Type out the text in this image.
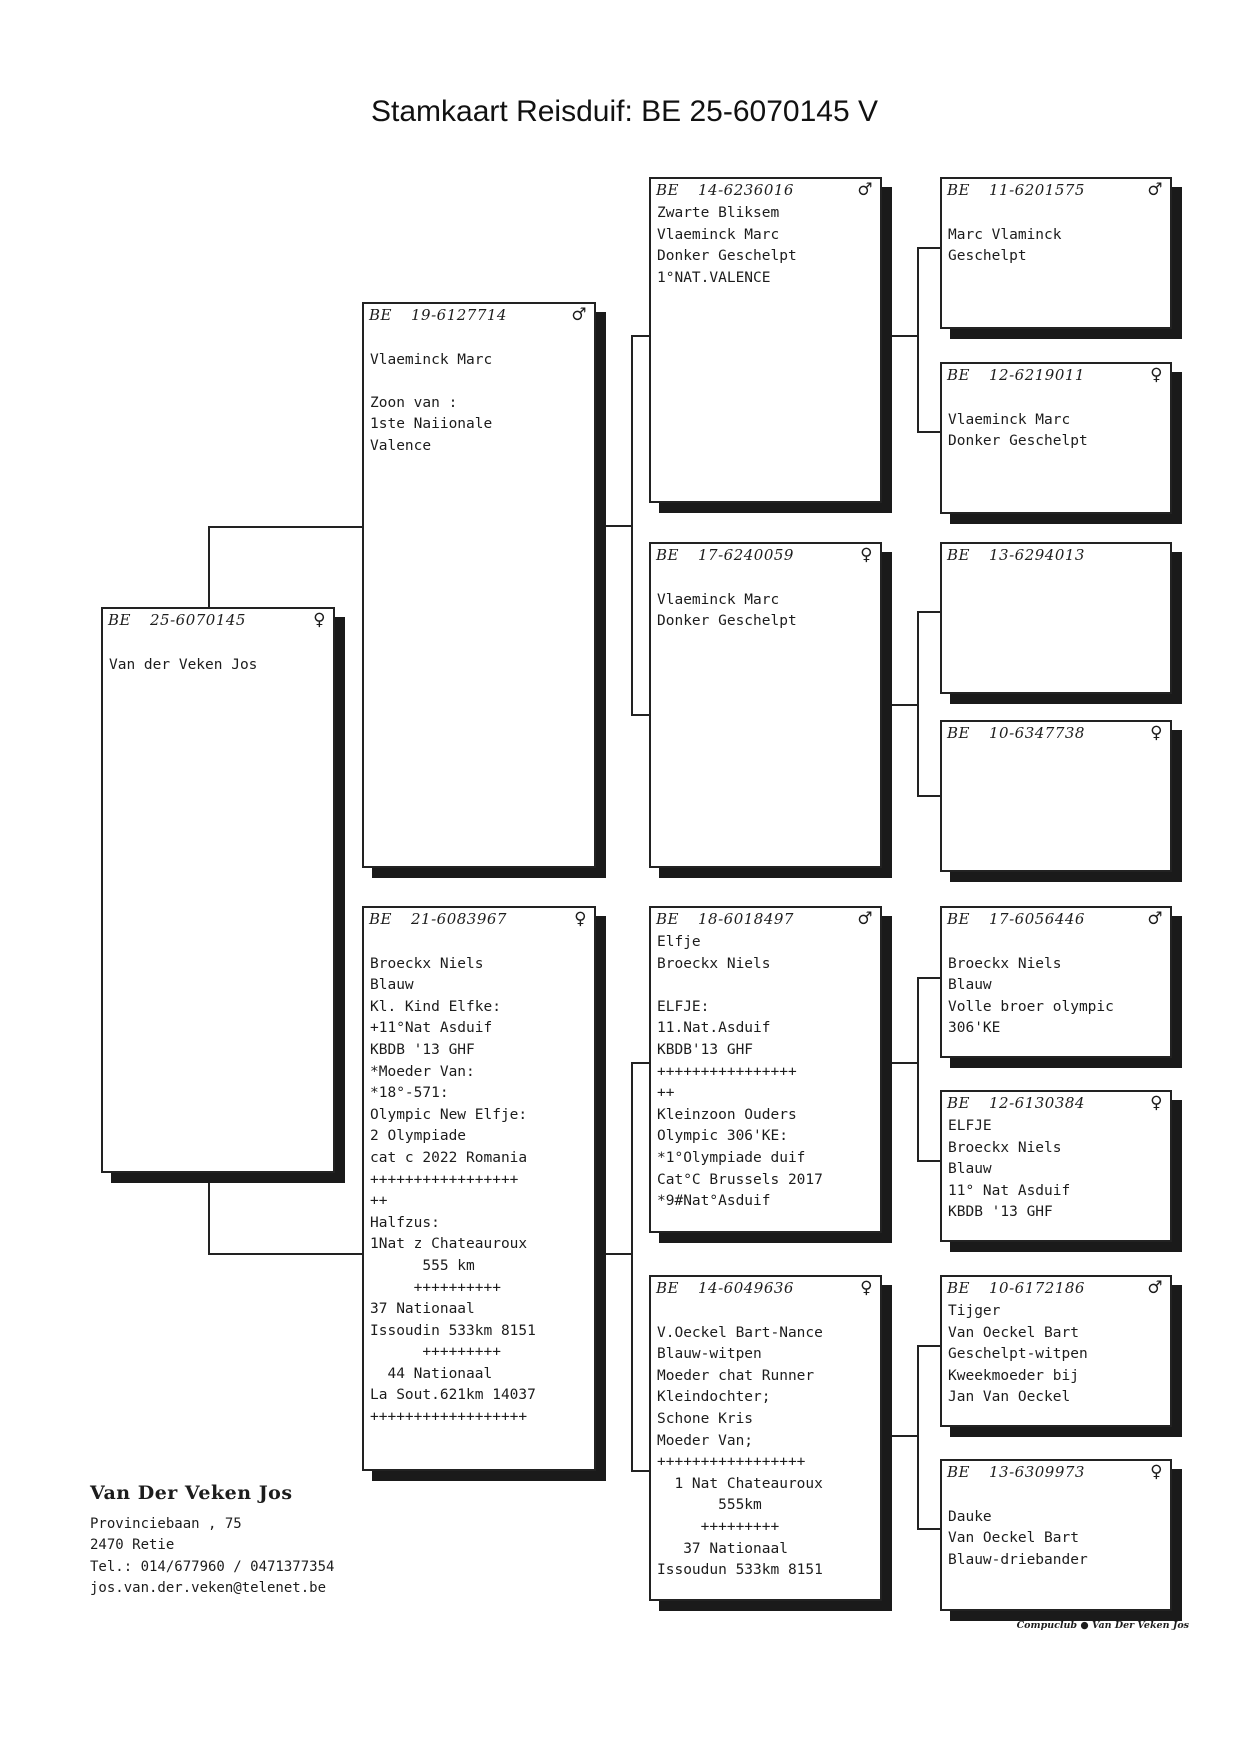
Stamkaart Reisduif: BE 25-6070145 V
BE	25-6070145	♀

Van der Veken Jos
BE	19-6127714	♂

Vlaeminck Marc

Zoon van :
1ste Naiionale
Valence
BE	21-6083967	♀

Broeckx Niels
Blauw
Kl. Kind Elfke:
+11°Nat Asduif
KBDB '13 GHF
*Moeder Van:
*18°-571:
Olympic New Elfje:
2 Olympiade
cat c 2022 Romania
+++++++++++++++++
++
Halfzus:
1Nat z Chateauroux
555 km
++++++++++
37 Nationaal
Issoudin 533km 8151
+++++++++
44 Nationaal
La Sout.621km 14037
++++++++++++++++++
BE	14-6236016	♂
Zwarte Bliksem
Vlaeminck Marc
Donker Geschelpt
1°NAT.VALENCE
BE	17-6240059	♀

Vlaeminck Marc
Donker Geschelpt
BE	18-6018497	♂
Elfje
Broeckx Niels

ELFJE:
11.Nat.Asduif
KBDB'13 GHF
++++++++++++++++
++
Kleinzoon Ouders
Olympic 306'KE:
*1°Olympiade duif
Cat°C Brussels 2017
*9#Nat°Asduif
BE	14-6049636	♀

V.Oeckel Bart-Nance
Blauw-witpen
Moeder chat Runner
Kleindochter;
Schone Kris
Moeder Van;
+++++++++++++++++
1 Nat Chateauroux
555km
+++++++++
37 Nationaal
Issoudun 533km 8151
BE	11-6201575	♂

Marc Vlaminck
Geschelpt
BE	12-6219011	♀

Vlaeminck Marc
Donker Geschelpt
BE	13-6294013
BE	10-6347738	♀
BE	17-6056446	♂

Broeckx Niels
Blauw
Volle broer olympic
306'KE
BE	12-6130384	♀
ELFJE
Broeckx Niels
Blauw
11° Nat Asduif
KBDB '13 GHF
BE	10-6172186	♂
Tijger
Van Oeckel Bart
Geschelpt-witpen
Kweekmoeder bij
Jan Van Oeckel
BE	13-6309973	♀

Dauke
Van Oeckel Bart
Blauw-driebander
Van Der Veken Jos
Provinciebaan , 75
2470 Retie
Tel.: 014/677960 / 0471377354
jos.van.der.veken@telenet.be
Compuclub ● Van Der Veken Jos
